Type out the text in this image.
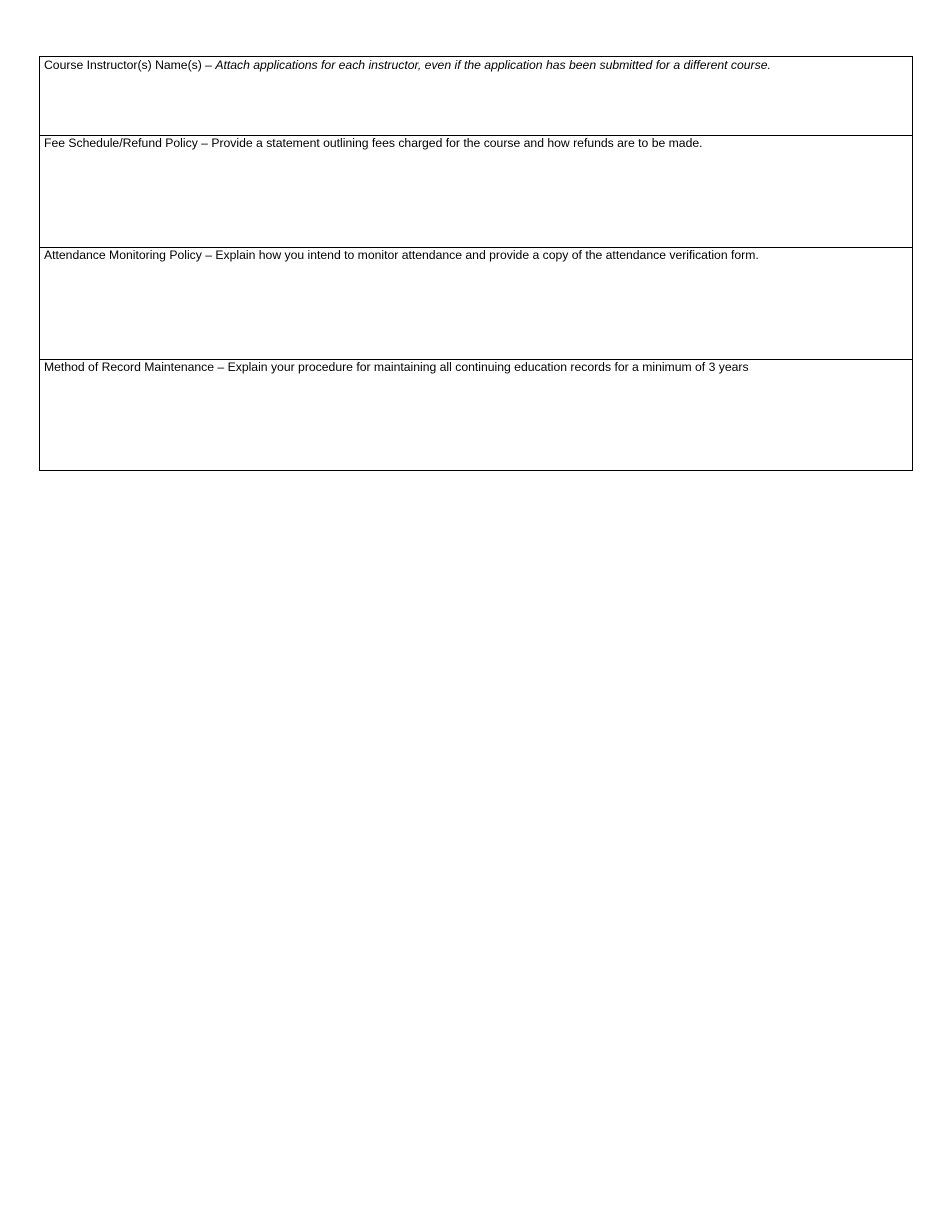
Course Instructor(s) Name(s) – Attach applications for each instructor, even if the application has been submitted for a different course.
Fee Schedule/Refund Policy – Provide a statement outlining fees charged for the course and how refunds are to be made.
Attendance Monitoring Policy – Explain how you intend to monitor attendance and provide a copy of the attendance verification form.
Method of Record Maintenance – Explain your procedure for maintaining all continuing education records for a minimum of 3 years
